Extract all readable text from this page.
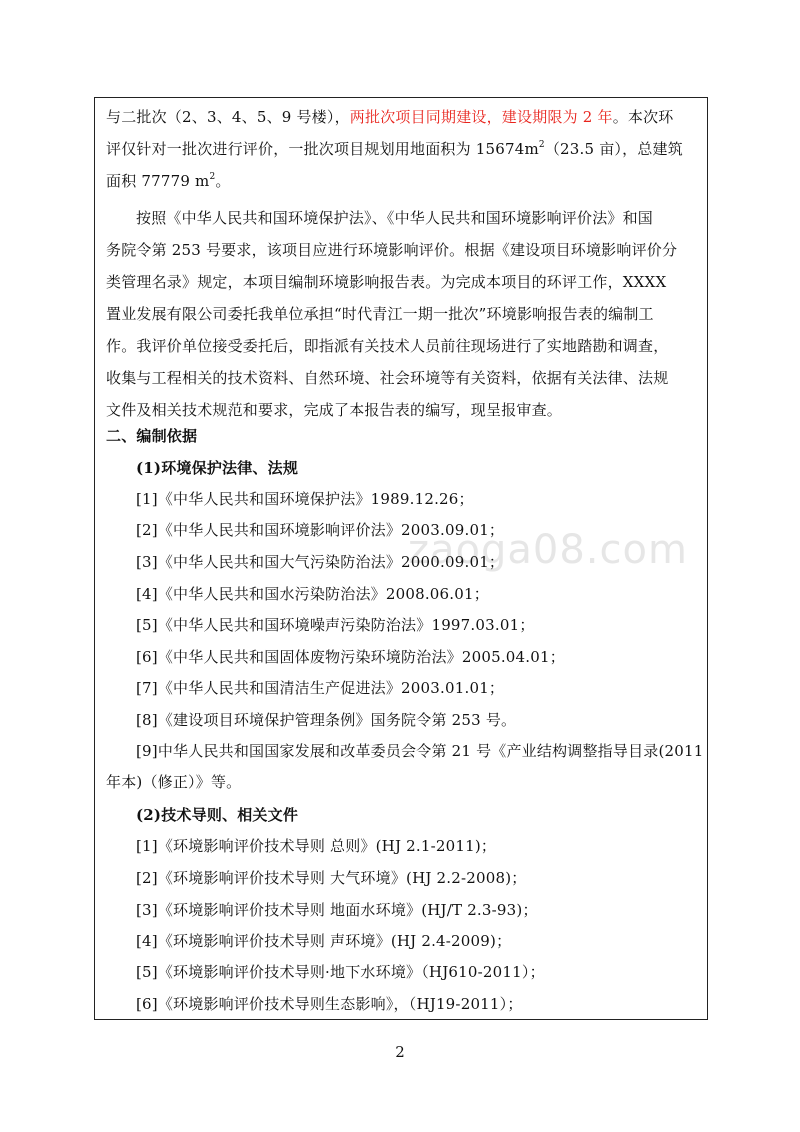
zaoga08.com
与二批次（2、3、4、5、9 号楼），两批次项目同期建设，建设期限为 2 年。本次环
评仅针对一批次进行评价，一批次项目规划用地面积为 $15674m^2(23.5$ 亩），总建筑
面积 77779 $m^2$。
按照《中华人民共和国环境保护法》、《中华人民共和国环境影响评价法》和国
务院令第 253 号要求，该项目应进行环境影响评价。根据《建设项目环境影响评价分
类管理名录》规定，本项目编制环境影响报告表。为完成本项目的环评工作，XXXX
置业发展有限公司委托我单位承担“时代青江一期一批次”环境影响报告表的编制工
作。我评价单位接受委托后，即指派有关技术人员前往现场进行了实地踏勘和调查，
收集与工程相关的技术资料、自然环境、社会环境等有关资料，依据有关法律、法规
文件及相关技术规范和要求，完成了本报告表的编写，现呈报审查。
二、编制依据
(1)环境保护法律、法规
[1]《中华人民共和国环境保护法》1989.12.26；
[2]《中华人民共和国环境影响评价法》2003.09.01；
[3]《中华人民共和国大气污染防治法》2000.09.01；
[4]《中华人民共和国水污染防治法》2008.06.01；
[5]《中华人民共和国环境噪声污染防治法》1997.03.01；
[6]《中华人民共和国固体废物污染环境防治法》2005.04.01；
[7]《中华人民共和国清洁生产促进法》2003.01.01；
[8]《建设项目环境保护管理条例》国务院令第 253 号。
[9]中华人民共和国国家发展和改革委员会令第 21 号《产业结构调整指导目录(2011
年本)（修正）》等。
(2)技术导则、相关文件
[1]《环境影响评价技术导则 总则》(HJ 2.1-2011)；
[2]《环境影响评价技术导则 大气环境》(HJ 2.2-2008)；
[3]《环境影响评价技术导则 地面水环境》(HJ/T 2.3-93)；
[4]《环境影响评价技术导则 声环境》(HJ 2.4-2009)；
[5]《环境影响评价技术导则·地下水环境》（HJ610-2011）；
[6]《环境影响评价技术导则生态影响》，（HJ19-2011）；
2
